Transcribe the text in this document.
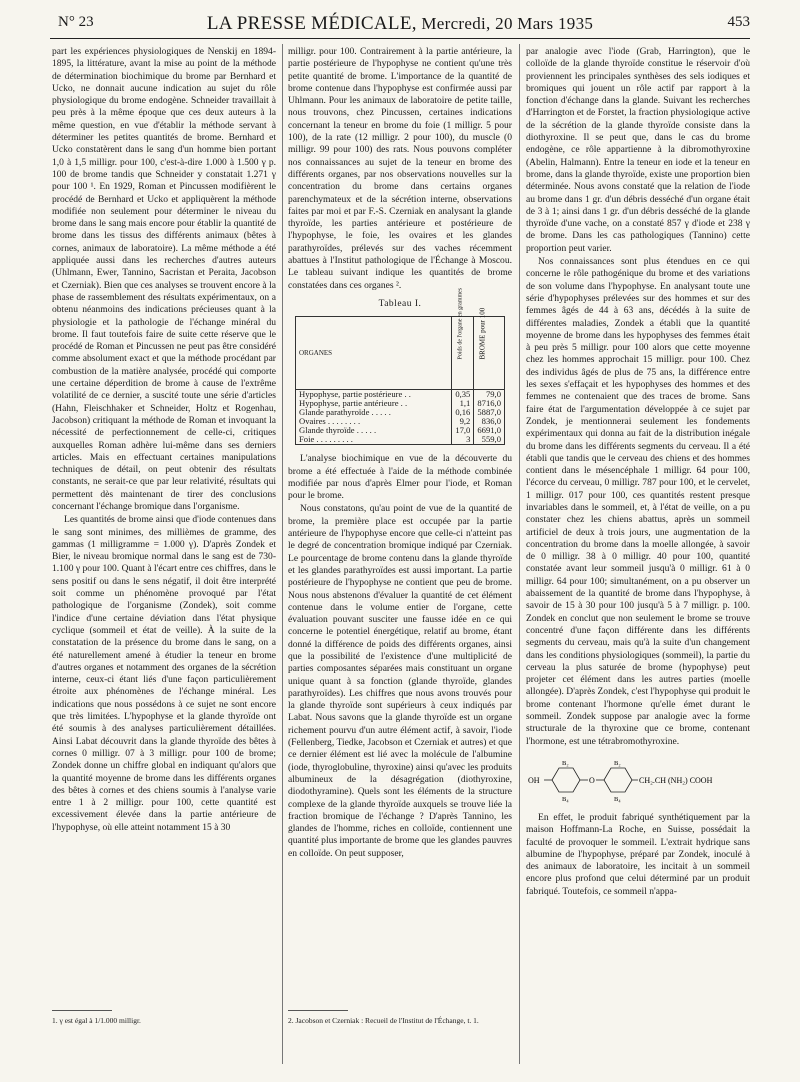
N° 23	LA PRESSE MÉDICALE, Mercredi, 20 Mars 1935	453

part les expériences physiologiques de Nenskij en 1894-1895, la littérature, avant la mise au point de la méthode de détermination biochimique du brome par Bernhard et Ucko, ne donnait aucune indication au sujet du rôle physiologique du brome endogène. Schneider travaillait à peu près à la même époque que ces deux auteurs à la même question, en vue d'établir la méthode servant à déterminer les petites quantités de brome. Bernhard et Ucko constatèrent dans le sang d'un homme bien portant 1,0 à 1,5 milligr. pour 100, c'est-à-dire 1.000 à 1.500 γ p. 100 de brome tandis que Schneider y constatait 1.271 γ pour 100 ¹. En 1929, Roman et Pincussen modifièrent le procédé de Bernhard et Ucko et appliquèrent la méthode modifiée non seulement pour déterminer le niveau du brome dans le sang mais encore pour établir la quantité de brome dans les tissus des différents animaux (bêtes à cornes, animaux de laboratoire). La même méthode a été appliquée aussi dans les recherches d'autres auteurs (Uhlmann, Ewer, Tannino, Sacristan et Peraita, Jacobson et Czerniak). Bien que ces analyses se trouvent encore à la phase de rassemblement des résultats expérimentaux, on a obtenu néanmoins des indications précieuses quant à la physiologie et la pathologie de l'échange minéral du brome. Il faut toutefois faire de suite cette réserve que le procédé de Roman et Pincussen ne peut pas être considéré comme absolument exact et que la méthode procédant par combustion de la matière analysée, procédé qui comporte une certaine déperdition de brome à cause de l'extrême volatilité de ce dernier, a suscité toute une série d'articles (Hahn, Fleischhaker et Schneider, Holtz et Rogenhau, Jacobson) critiquant la méthode de Roman et invoquant la nécessité de perfectionnement de celle-ci, critiques auxquelles Roman adhère lui-même dans ses derniers articles. Mais en effectuant certaines manipulations techniques de détail, on peut obtenir des résultats constants, ne serait-ce que par leur relativité, résultats qui permettent dès maintenant de tirer des conclusions concernant l'échange bromique dans l'organisme.

Les quantités de brome ainsi que d'iode contenues dans le sang sont minimes, des millièmes de gramme, des gammas (1 milligramme = 1.000 γ). D'après Zondek et Bier, le niveau bromique normal dans le sang est de 730-1.100 γ pour 100. Quant à l'écart entre ces chiffres, dans le sens positif ou dans le sens négatif, il doit être interprété soit comme un phénomène provoqué par l'état pathologique de l'organisme (Zondek), soit comme l'indice d'une certaine déviation dans l'état physique cyclique (sommeil et état de veille). À la suite de la constatation de la présence du brome dans le sang, on a été naturellement amené à étudier la teneur en brome d'autres organes et notamment des organes de la sécrétion interne, ceux-ci étant liés d'une façon particulièrement étroite aux phénomènes de l'échange minéral. Les indications que nous possédons à ce sujet ne sont encore que très limitées. L'hypophyse et la glande thyroïde ont été soumis à des analyses particulièrement détaillées. Ainsi Labat découvrit dans la glande thyroïde des bêtes à cornes 0 milligr. 07 à 3 milligr. pour 100 de brome; Zondek donne un chiffre global en indiquant qu'alors que la quantité moyenne de brome dans les différents organes des bêtes à cornes et des chiens soumis à l'analyse varie entre 1 à 2 milligr. pour 100, cette quantité est excessivement élevée dans la partie antérieure de l'hypophyse, où elle atteint notamment 15 à 30

1. γ est égal à 1/1.000 milligr.

milligr. pour 100. Contrairement à la partie antérieure, la partie postérieure de l'hypophyse ne contient qu'une très petite quantité de brome. L'importance de la quantité de brome contenue dans l'hypophyse est confirmée aussi par Uhlmann. Pour les animaux de laboratoire de petite taille, nous trouvons, chez Pincussen, certaines indications concernant la teneur en brome du foie (1 milligr. 5 pour 100), de la rate (12 milligr. 2 pour 100), du muscle (0 milligr. 99 pour 100) des rats. Nous pouvons compléter nos connaissances au sujet de la teneur en brome des différents organes, par nos observations nouvelles sur la concentration du brome dans certains organes parenchymateux et de la sécrétion interne, observations faites par moi et par F.-S. Czerniak en analysant la glande thyroïde, les parties antérieure et postérieure de l'hypophyse, le foie, les ovaires et les glandes parathyroïdes, prélevés sur des vaches récemment abattues à l'Institut pathologique de l'Échange à Moscou. Le tableau suivant indique les quantités de brome constatées dans ces organes ².

Tableau I.
ORGANES	Poids de l'organe en grammes	BROME pour 100
Hypophyse, partie postérieure . .	0,35	79,0
Hypophyse, partie antérieure . .	1,1	8716,0
Glande parathyroïde . . . . .	0,16	5887,0
Ovaires . . . . . . . .	9,2	836,0
Glande thyroïde . . . . .	17,0	6691,0
Foie . . . . . . . . .	3	559,0

L'analyse biochimique en vue de la découverte du brome a été effectuée à l'aide de la méthode combinée modifiée par nous d'après Elmer pour l'iode, et Roman pour le brome.

Nous constatons, qu'au point de vue de la quantité de brome, la première place est occupée par la partie antérieure de l'hypophyse encore que celle-ci n'atteint pas le degré de concentration bromique indiqué par Czerniak. Le pourcentage de brome contenu dans la glande thyroïde et les glandes parathyroïdes est aussi important. La partie postérieure de l'hypophyse ne contient que peu de brome. Nous nous abstenons d'évaluer la quantité de cet élément contenue dans le volume entier de l'organe, cette évaluation pouvant susciter une fausse idée en ce qui concerne le potentiel énergétique, relatif au brome, étant donné la différence de poids des différents organes, ainsi que la possibilité de l'existence d'une multiplicité de parties composantes séparées mais constituant un organe unique quant à sa fonction (glande thyroïde, glandes parathyroïdes). Les chiffres que nous avons trouvés pour la glande thyroïde sont supérieurs à ceux indiqués par Labat. Nous savons que la glande thyroïde est un organe richement pourvu d'un autre élément actif, à savoir, l'iode (Fellenberg, Tiedke, Jacobson et Czerniak et autres) et que ce dernier élément est lié avec la molécule de l'albumine (iode, thyroglobuline, thyroxine) ainsi qu'avec les produits albumineux de la désagrégation (diothyroxine, diodothyramine). Quels sont les éléments de la structure complexe de la glande thyroïde auxquels se trouve liée la fraction bromique de l'échange ? D'après Tannino, les glandes de l'homme, riches en colloïde, contiennent une quantité plus importante de brome que les glandes pauvres en colloïde. On peut supposer,

2. Jacobson et Czerniak : Recueil de l'Institut de l'Échange, t. 1.

par analogie avec l'iode (Grab, Harrington), que le colloïde de la glande thyroïde constitue le réservoir d'où proviennent les principales synthèses des sels iodiques et bromiques qui jouent un rôle actif par rapport à la fonction d'échange dans la glande. Suivant les recherches d'Harrington et de Forstet, la fraction physiologique active de la sécrétion de la glande thyroïde consiste dans la diothyroxine. Il se peut que, dans le cas du brome endogène, ce rôle appartienne à la dibromothyroxine (Abelin, Halmann). Entre la teneur en iode et la teneur en brome, dans la glande thyroïde, existe une proportion bien déterminée. Nous avons constaté que la relation de l'iode au brome dans 1 gr. d'un débris desséché d'un organe était de 3 à 1; ainsi dans 1 gr. d'un débris desséché de la glande thyroïde d'une vache, on a constaté 857 γ d'iode et 238 γ de brome. Dans les cas pathologiques (Tannino) cette proportion peut varier.

Nos connaissances sont plus étendues en ce qui concerne le rôle pathogénique du brome et des variations de son volume dans l'hypophyse. En analysant toute une série d'hypophyses prélevées sur des hommes et sur des femmes âgés de 44 à 63 ans, décédés à la suite de différentes maladies, Zondek a établi que la quantité moyenne de brome dans les hypophyses des femmes était à peu près 5 milligr. pour 100 alors que cette moyenne chez les hommes approchait 15 milligr. pour 100. Chez des individus âgés de plus de 75 ans, la différence entre les sexes s'effaçait et les hypophyses des hommes et des femmes ne contenaient que des traces de brome. Sans faire état de l'argumentation développée à ce sujet par Zondek, je mentionnerai seulement les fondements expérimentaux qui donna au fait de la distribution inégale du brome dans les différents segments du cerveau. Il a été établi que tandis que le cerveau des chiens et des hommes contient dans le mésencéphale 1 milligr. 64 pour 100, l'écorce du cerveau, 0 milligr. 787 pour 100, et le cervelet, 1 milligr. 017 pour 100, ces quantités restent presque invariables dans le sommeil, et, à l'état de veille, on a pu constater chez les chiens abattus, après un sommeil artificiel de deux à trois jours, une augmentation de la concentration du brome dans la moelle allongée, à savoir de 0 milligr. 38 à 0 milligr. 40 pour 100, quantité constatée avant leur sommeil jusqu'à 0 milligr. 61 à 0 milligr. 64 pour 100; simultanément, on a pu observer un abaissement de la quantité de brome dans l'hypophyse, à savoir de 15 à 30 pour 100 jusqu'à 5 à 7 milligr. p. 100. Zondek en conclut que non seulement le brome se trouve concentré d'une façon différente dans les différents segments du cerveau, mais qu'à la suite d'un changement dans les conditions physiologiques (sommeil), la partie du cerveau la plus saturée de brome (hypophyse) peut projeter cet élément dans les autres parties (moelle allongée). D'après Zondek, c'est l'hypophyse qui produit le brome contenant l'hormone qu'elle émet durant le sommeil. Zondek suppose par analogie avec la forme structurale de la thyroxine que ce brome, contenant l'hormone, est une tétrabromothyroxine.

OH
B₂
B₄
O
B₂
B₄
CH₂.CH (NH₂) COOH

En effet, le produit fabriqué synthétiquement par la maison Hoffmann-La Roche, en Suisse, possédait la faculté de provoquer le sommeil. L'extrait hydrique sans albumine de l'hypophyse, préparé par Zondek, inoculé à des animaux de laboratoire, les incitait à un sommeil encore plus profond que celui déterminé par un produit fabriqué. Toutefois, ce sommeil n'appa-
